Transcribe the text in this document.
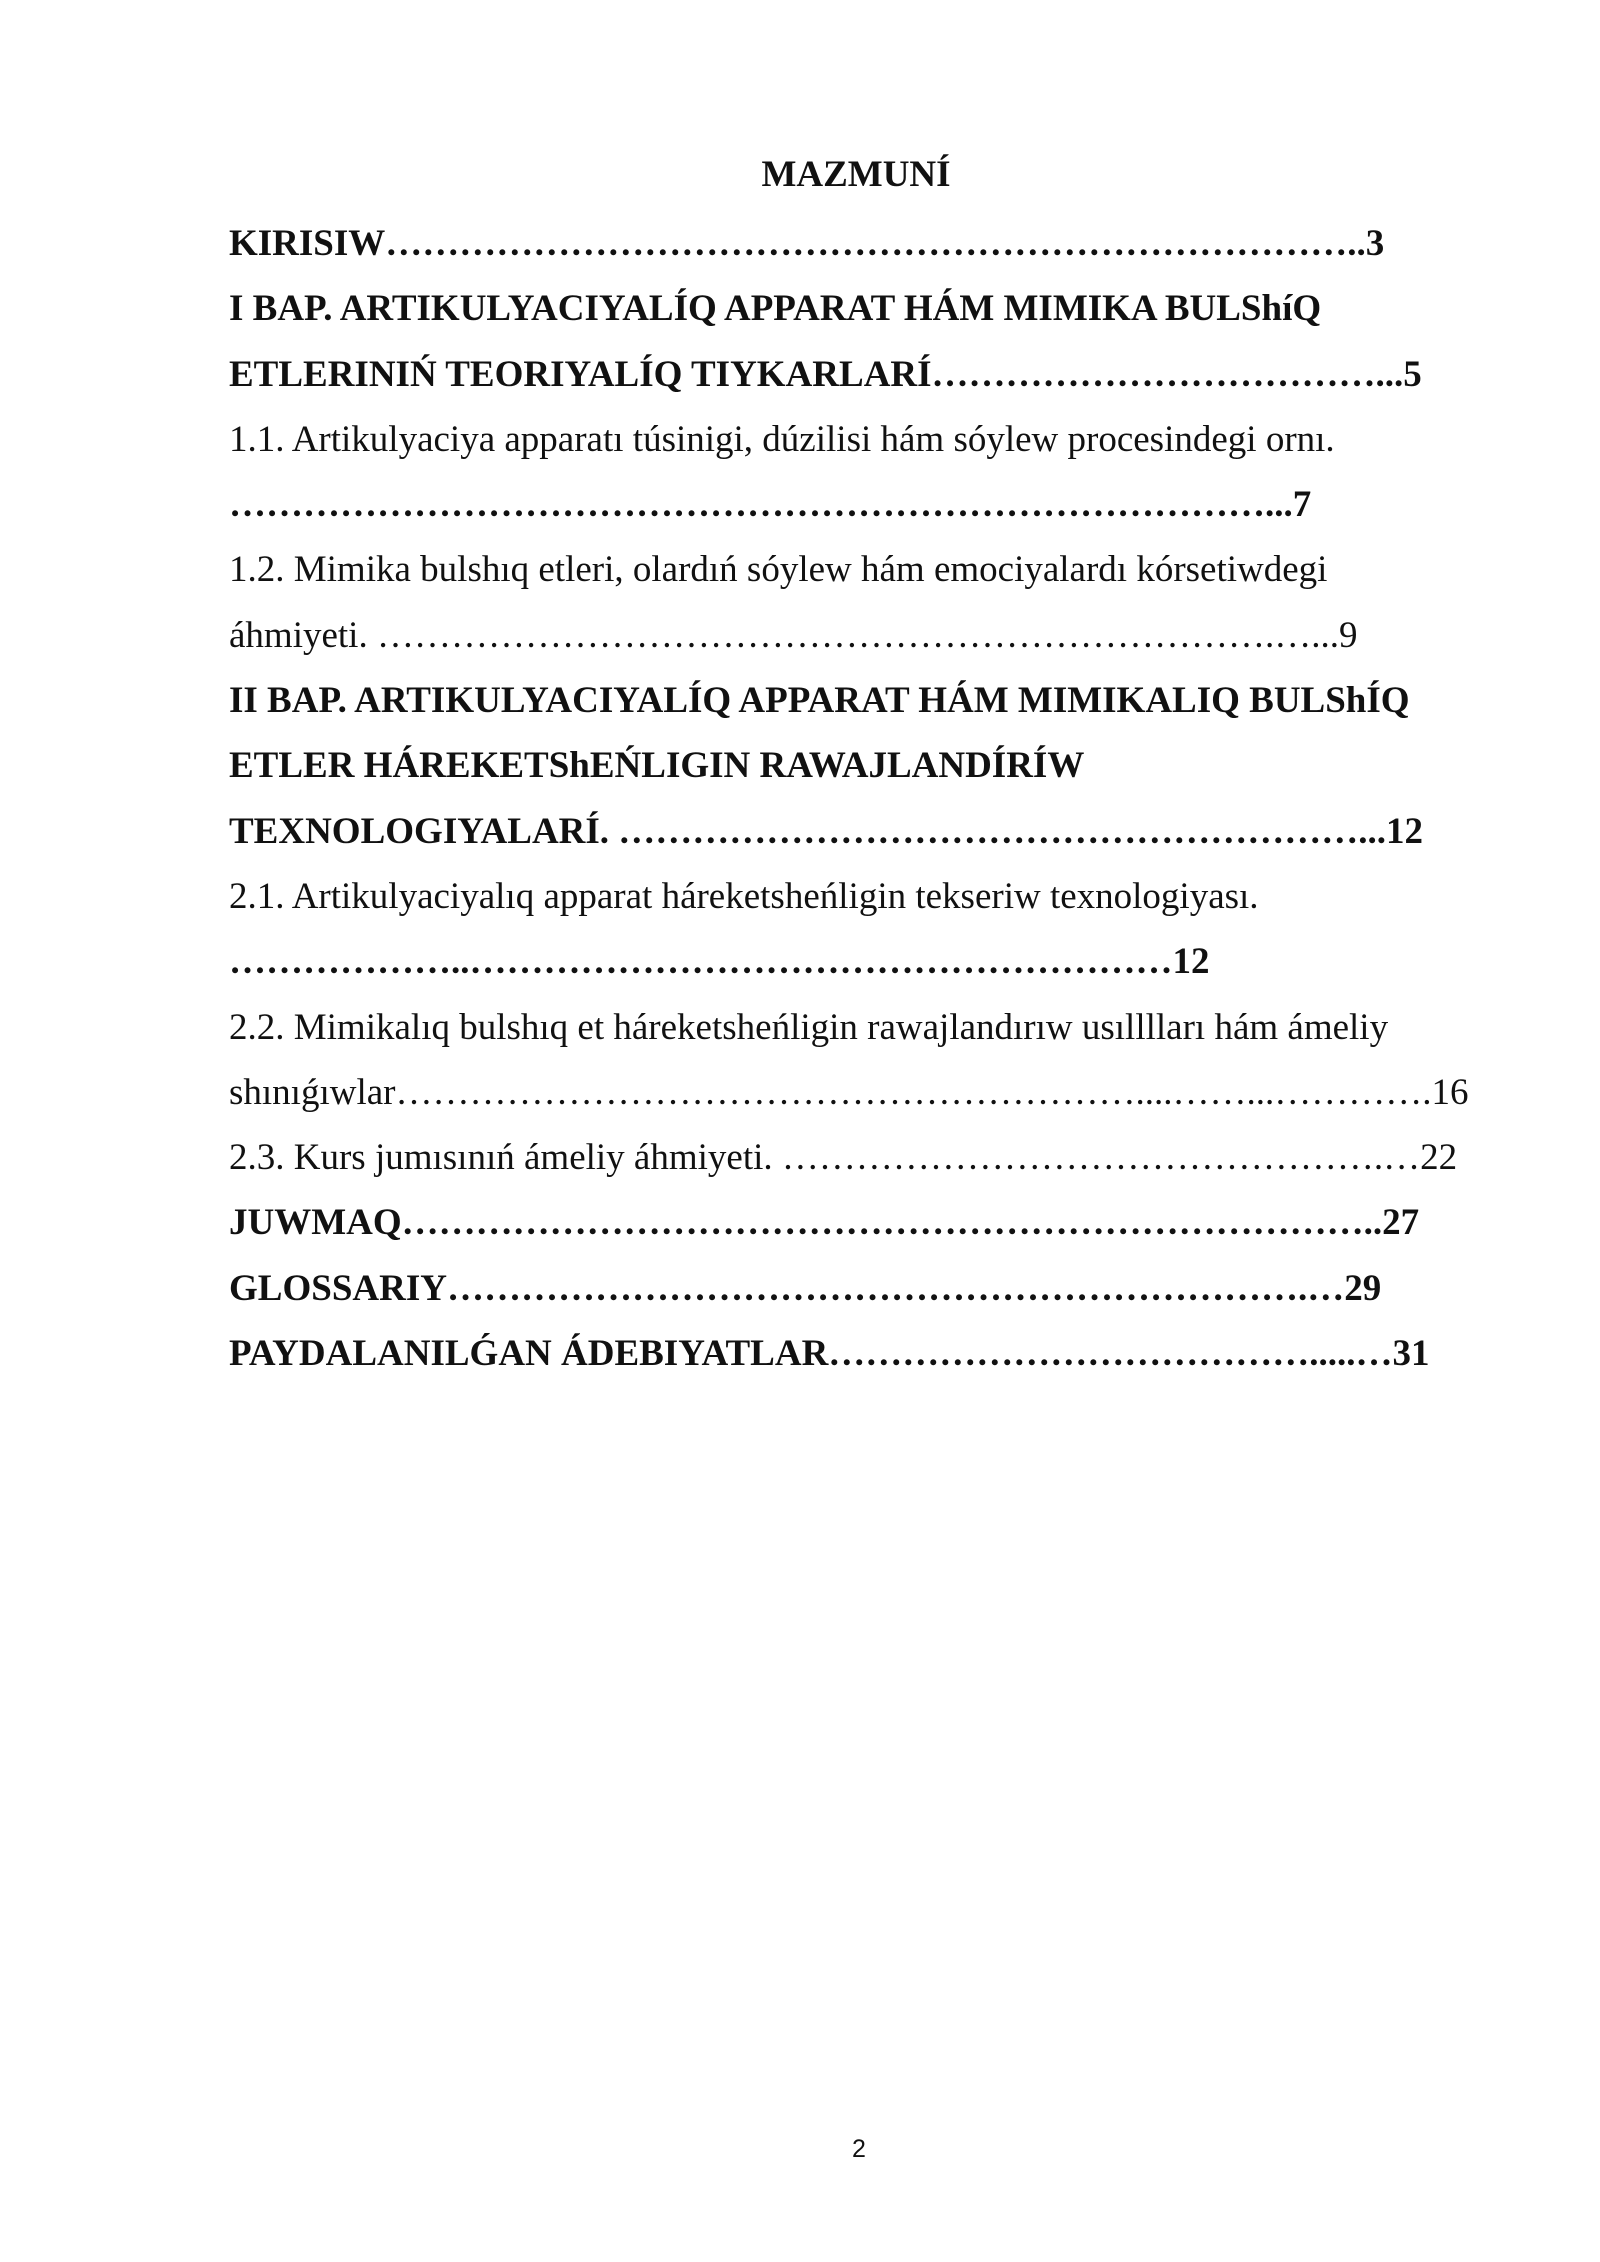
MAZMUNÍ
KIRISIW……………………………………………………………………..3
I BAP. ARTIKULYACIYALÍQ APPARAT HÁM MIMIKA BULShíQ
ETLERINIŃ TEORIYALÍQ TIYKARLARÍ………………………………...5
1.1. Artikulyaciya apparatı túsinigi, dúzilisi hám sóylew procesindegi ornı.
…………………………………………………………………………...7
1.2. Mimika bulshıq etleri, olardıń sóylew hám emociyalardı kórsetiwdegi
áhmiyeti. ……………………………………………………………….…...9
II BAP. ARTIKULYACIYALÍQ APPARAT HÁM MIMIKALIQ BULShÍQ
ETLER HÁREKETShEŃLIGIN RAWAJLANDÍRÍW
TEXNOLOGIYALARÍ. ……………………………………………………...12
2.1. Artikulyaciyalıq apparat háreketsheńligin tekseriw texnologiyası.
………………..…………………………………………………12
2.2. Mimikalıq bulshıq et háreketsheńligin rawajlandırıw usılllları hám ámeliy
shınıǵıwlar……………………………………………………....……...………….16
2.3. Kurs jumısınıń ámeliy áhmiyeti. ………………………………………….…22
JUWMAQ……………………………………………………………………..27
GLOSSARIY…………………………………………………………….…29
PAYDALANILǴAN ÁDEBIYATLAR………………………………….....…31
2
